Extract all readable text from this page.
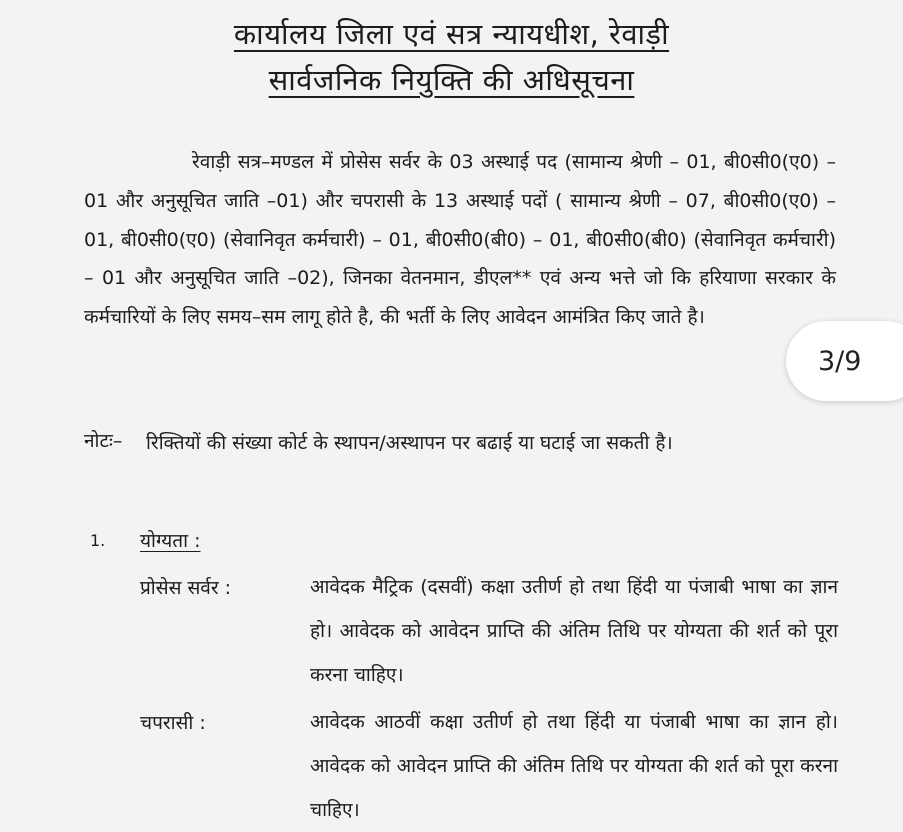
कार्यालय जिला एवं सत्र न्यायधीश, रेवाड़ी
सार्वजनिक नियुक्ति की अधिसूचना
रेवाड़ी सत्र–मण्डल में प्रोसेस सर्वर के 03 अस्थाई पद (सामान्य श्रेणी – 01, बी0सी0(ए0) – 01 और अनुसूचित जाति –01) और चपरासी के 13 अस्थाई पदों ( सामान्य श्रेणी – 07, बी0सी0(ए0) – 01, बी0सी0(ए0) (सेवानिवृत कर्मचारी) – 01, बी0सी0(बी0) – 01, बी0सी0(बी0) (सेवानिवृत कर्मचारी) – 01 और अनुसूचित जाति –02), जिनका वेतनमान, डीएल** एवं अन्य भत्ते जो कि हरियाणा सरकार के कर्मचारियों के लिए समय–सम लागू होते है, की भर्ती के लिए आवेदन आमंत्रित किए जाते है।
नोटः– रिक्तियों की संख्या कोर्ट के स्थापन/अस्थापन पर बढाई या घटाई जा सकती है।
1. योग्यता :
प्रोसेस सर्वर :	आवेदक मैट्रिक (दसवीं) कक्षा उतीर्ण हो तथा हिंदी या पंजाबी भाषा का ज्ञान हो। आवेदक को आवेदन प्राप्ति की अंतिम तिथि पर योग्यता की शर्त को पूरा करना चाहिए।
चपरासी :	आवेदक आठवीं कक्षा उतीर्ण हो तथा हिंदी या पंजाबी भाषा का ज्ञान हो। आवेदक को आवेदन प्राप्ति की अंतिम तिथि पर योग्यता की शर्त को पूरा करना चाहिए।
3/9
